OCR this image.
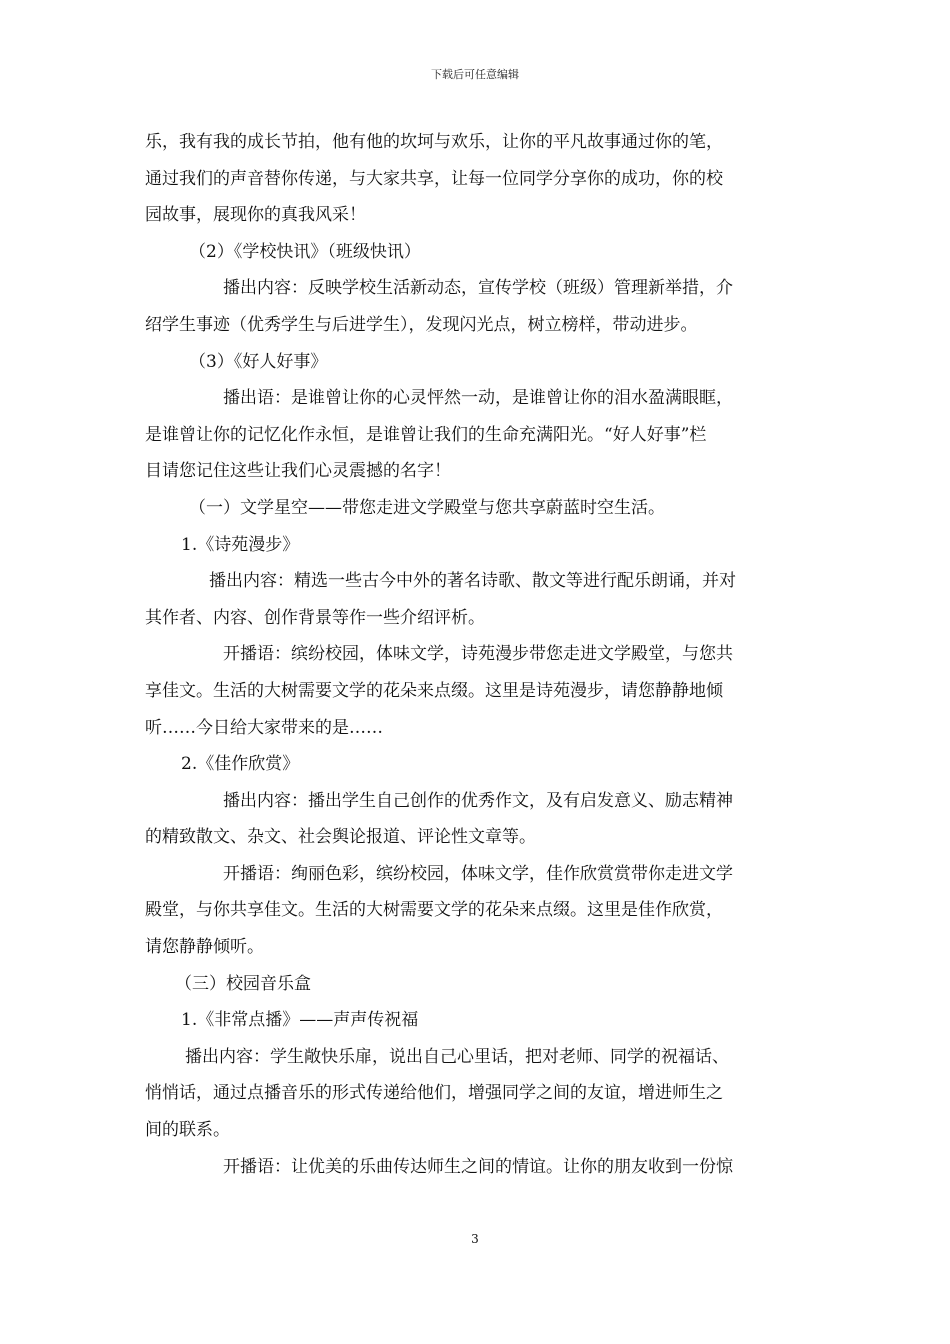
下载后可任意编辑

乐，我有我的成长节拍，他有他的坎坷与欢乐，让你的平凡故事通过你的笔，

通过我们的声音替你传递，与大家共享，让每一位同学分享你的成功，你的校

园故事，展现你的真我风采！

（2）《学校快讯》（班级快讯）

播出内容：反映学校生活新动态，宣传学校（班级）管理新举措，介

绍学生事迹（优秀学生与后进学生），发现闪光点，树立榜样，带动进步。

（3）《好人好事》

播出语：是谁曾让你的心灵怦然一动，是谁曾让你的泪水盈满眼眶，

是谁曾让你的记忆化作永恒，是谁曾让我们的生命充满阳光。“好人好事”栏

目请您记住这些让我们心灵震撼的名字！

（一）文学星空——带您走进文学殿堂与您共享蔚蓝时空生活。

1.《诗苑漫步》

播出内容：精选一些古今中外的著名诗歌、散文等进行配乐朗诵，并对

其作者、内容、创作背景等作一些介绍评析。

开播语：缤纷校园，体味文学，诗苑漫步带您走进文学殿堂，与您共

享佳文。生活的大树需要文学的花朵来点缀。这里是诗苑漫步，请您静静地倾

听……今日给大家带来的是……

2.《佳作欣赏》

播出内容：播出学生自己创作的优秀作文，及有启发意义、励志精神

的精致散文、杂文、社会舆论报道、评论性文章等。

开播语：绚丽色彩，缤纷校园，体味文学，佳作欣赏赏带你走进文学

殿堂，与你共享佳文。生活的大树需要文学的花朵来点缀。这里是佳作欣赏，

请您静静倾听。

（三）校园音乐盒

1.《非常点播》——声声传祝福

播出内容：学生敞快乐扉，说出自己心里话，把对老师、同学的祝福话、

悄悄话，通过点播音乐的形式传递给他们，增强同学之间的友谊，增进师生之

间的联系。

开播语：让优美的乐曲传达师生之间的情谊。让你的朋友收到一份惊

3
